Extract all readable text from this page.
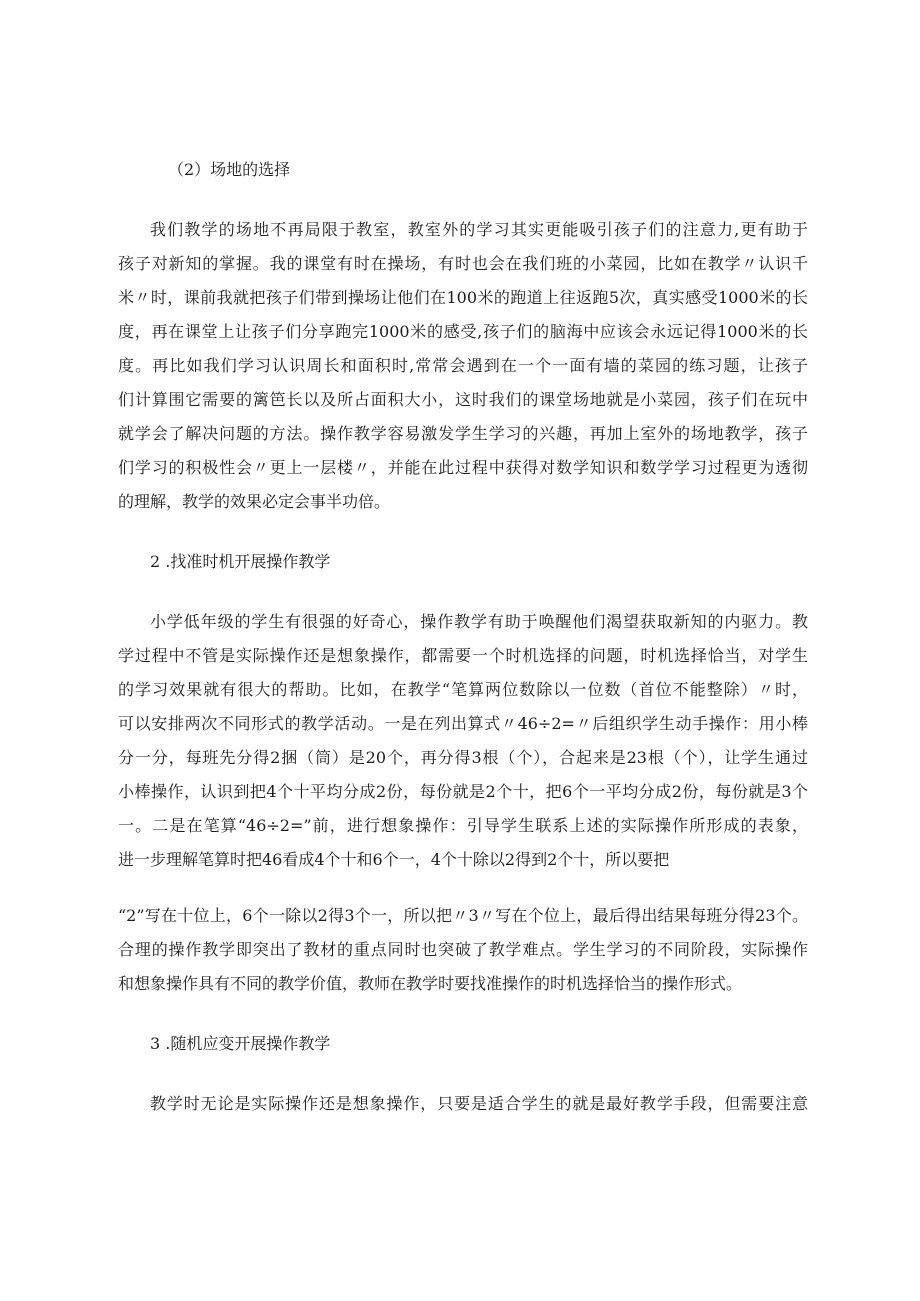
（2）场地的选择
我们教学的场地不再局限于教室，教室外的学习其实更能吸引孩子们的注意力,更有助于
孩子对新知的掌握。我的课堂有时在操场，有时也会在我们班的小菜园，比如在教学〃认识千
米〃时，课前我就把孩子们带到操场让他们在100米的跑道上往返跑5次，真实感受1000米的长
度，再在课堂上让孩子们分享跑完1000米的感受,孩子们的脑海中应该会永远记得1000米的长
度。再比如我们学习认识周长和面积时,常常会遇到在一个一面有墙的菜园的练习题，让孩子
们计算围它需要的篱笆长以及所占面积大小，这时我们的课堂场地就是小菜园，孩子们在玩中
就学会了解决问题的方法。操作教学容易激发学生学习的兴趣，再加上室外的场地教学，孩子
们学习的积极性会〃更上一层楼〃，并能在此过程中获得对数学知识和数学学习过程更为透彻
的理解，教学的效果必定会事半功倍。
2 .找准时机开展操作教学
小学低年级的学生有很强的好奇心，操作教学有助于唤醒他们渴望获取新知的内驱力。教
学过程中不管是实际操作还是想象操作，都需要一个时机选择的问题，时机选择恰当，对学生
的学习效果就有很大的帮助。比如，在教学“笔算两位数除以一位数（首位不能整除）〃时，
可以安排两次不同形式的教学活动。一是在列出算式〃46÷2=〃后组织学生动手操作：用小棒
分一分，每班先分得2捆（筒）是20个，再分得3根（个），合起来是23根（个），让学生通过
小棒操作，认识到把4个十平均分成2份，每份就是2个十，把6个一平均分成2份，每份就是3个
一。二是在笔算“46÷2=”前，进行想象操作：引导学生联系上述的实际操作所形成的表象，
进一步理解笔算时把46看成4个十和6个一，4个十除以2得到2个十，所以要把
“2”写在十位上，6个一除以2得3个一，所以把〃3〃写在个位上，最后得出结果每班分得23个。
合理的操作教学即突出了教材的重点同时也突破了教学难点。学生学习的不同阶段，实际操作
和想象操作具有不同的教学价值，教师在教学时要找准操作的时机选择恰当的操作形式。
3 .随机应变开展操作教学
教学时无论是实际操作还是想象操作，只要是适合学生的就是最好教学手段，但需要注意
